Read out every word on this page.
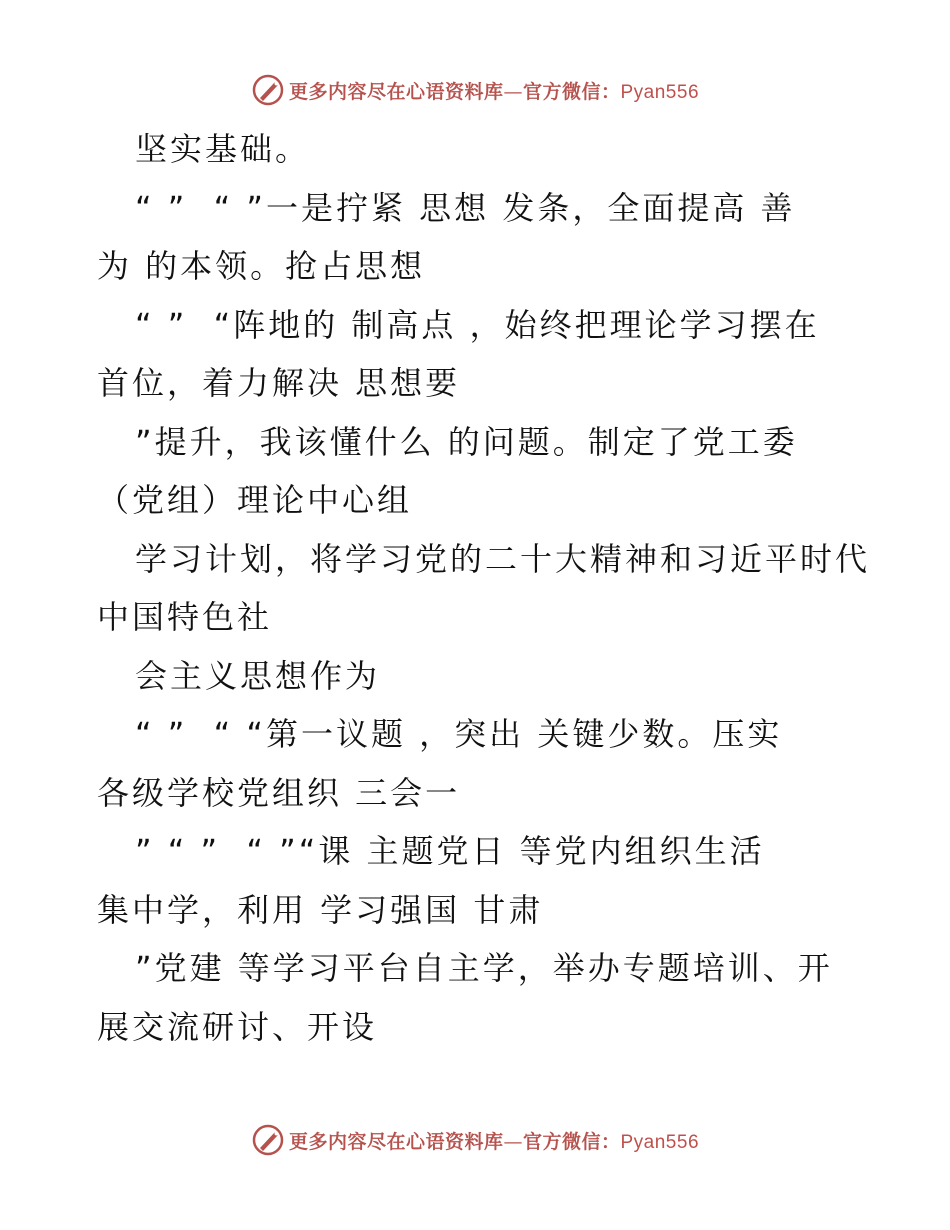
更多内容尽在心语资料库—官方微信：Pyan556
坚实基础。
“ ”  “ ”一是拧紧 思想 发条，全面提高 善
为 的本领。抢占思想
“ ”  “阵地的 制高点 ，始终把理论学习摆在
首位，着力解决 思想要
”提升，我该懂什么 的问题。制定了党工委
（党组）理论中心组
学习计划，将学习党的二十大精神和习近平时代
中国特色社
会主义思想作为
“ ”  “ “第一议题 ，突出 关键少数。压实
各级学校党组织 三会一
” “ ”  “ ”“课 主题党日 等党内组织生活
集中学，利用 学习强国 甘肃
”党建 等学习平台自主学，举办专题培训、开
展交流研讨、开设
更多内容尽在心语资料库—官方微信：Pyan556
